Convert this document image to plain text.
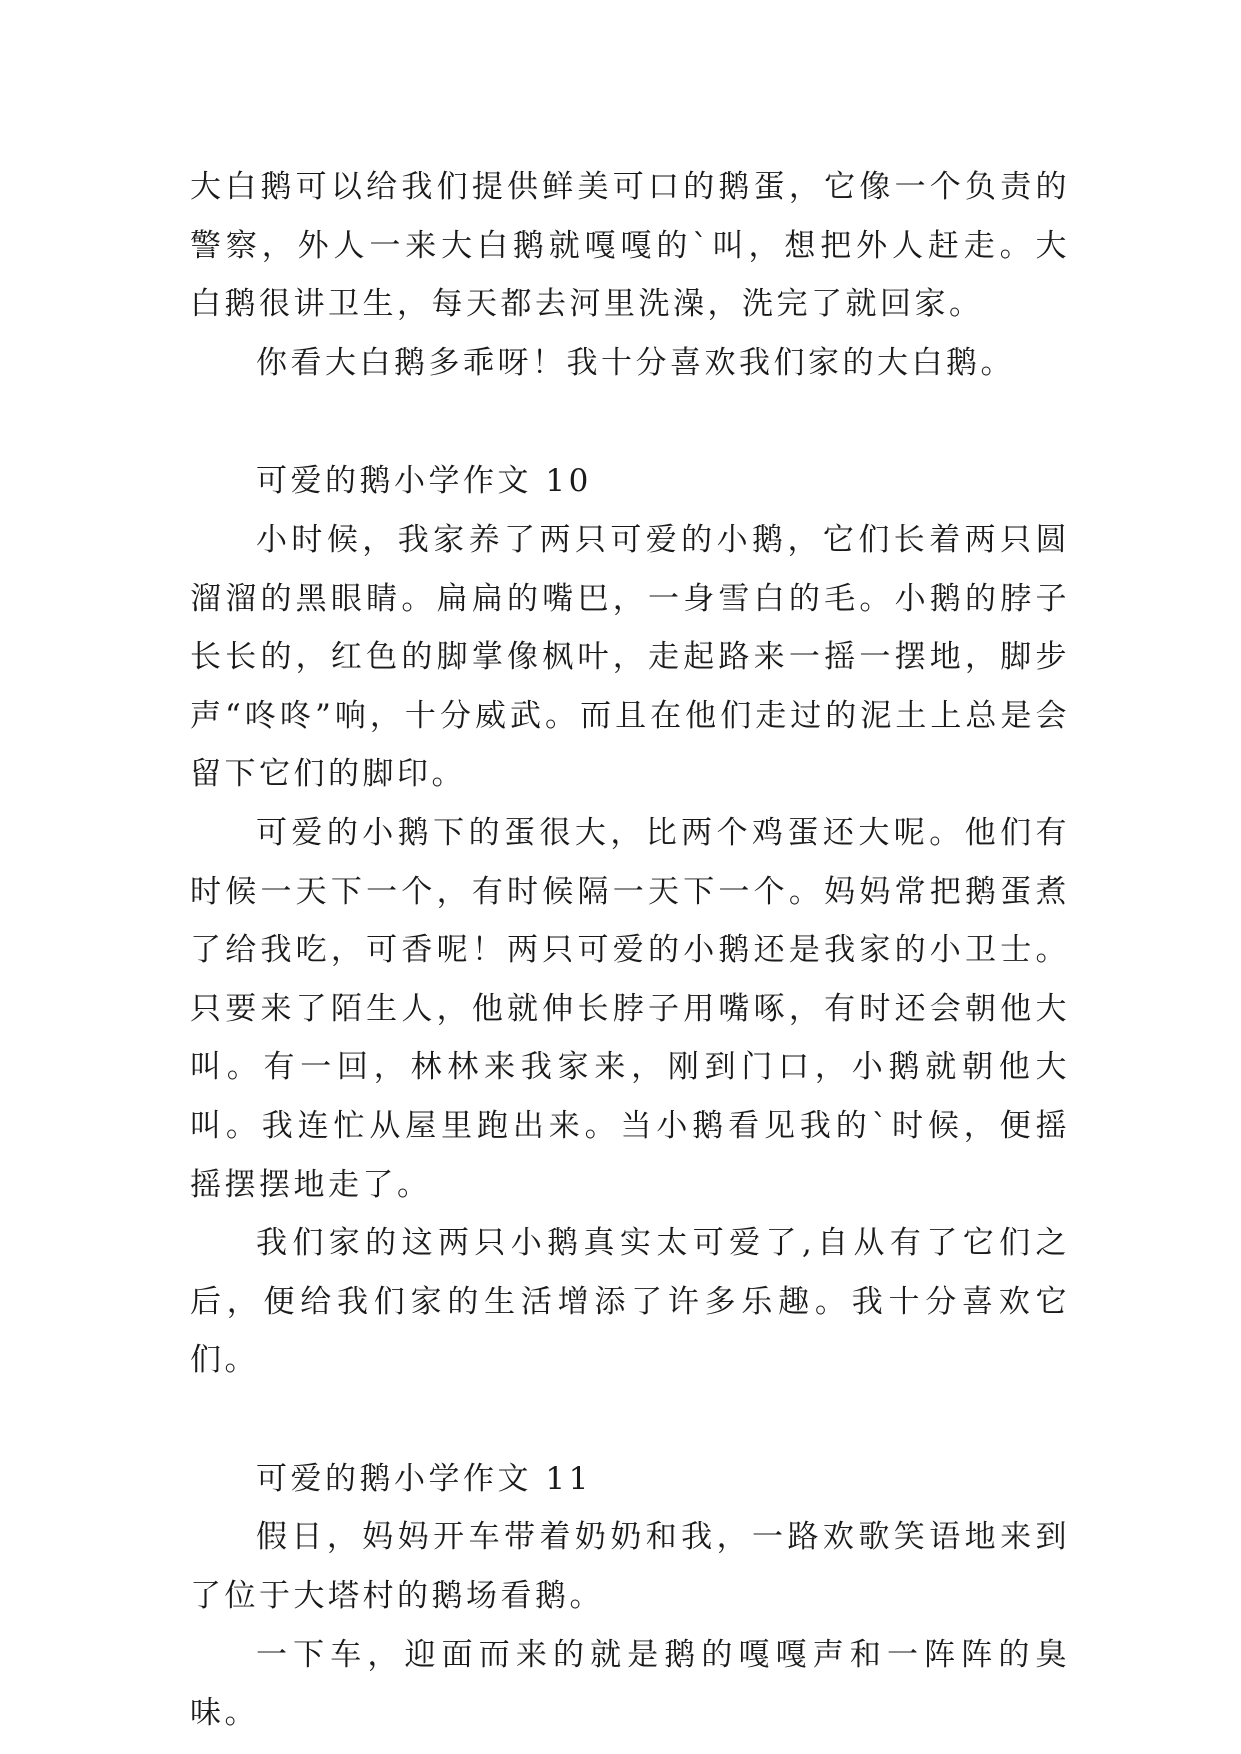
大白鹅可以给我们提供鲜美可口的鹅蛋，它像一个负责的警察，外人一来大白鹅就嘎嘎的`叫，想把外人赶走。大白鹅很讲卫生，每天都去河里洗澡，洗完了就回家。

你看大白鹅多乖呀！我十分喜欢我们家的大白鹅。

可爱的鹅小学作文 10

小时候，我家养了两只可爱的小鹅，它们长着两只圆溜溜的黑眼睛。扁扁的嘴巴，一身雪白的毛。小鹅的脖子长长的，红色的脚掌像枫叶，走起路来一摇一摆地，脚步声“咚咚”响，十分威武。而且在他们走过的泥土上总是会留下它们的脚印。

可爱的小鹅下的蛋很大，比两个鸡蛋还大呢。他们有时候一天下一个，有时候隔一天下一个。妈妈常把鹅蛋煮了给我吃，可香呢！两只可爱的小鹅还是我家的小卫士。只要来了陌生人，他就伸长脖子用嘴啄，有时还会朝他大叫。有一回，林林来我家来，刚到门口，小鹅就朝他大叫。我连忙从屋里跑出来。当小鹅看见我的`时候，便摇摇摆摆地走了。

我们家的这两只小鹅真实太可爱了,自从有了它们之后，便给我们家的生活增添了许多乐趣。我十分喜欢它们。

可爱的鹅小学作文 11

假日，妈妈开车带着奶奶和我，一路欢歌笑语地来到了位于大塔村的鹅场看鹅。

一下车，迎面而来的就是鹅的嘎嘎声和一阵阵的臭味。
